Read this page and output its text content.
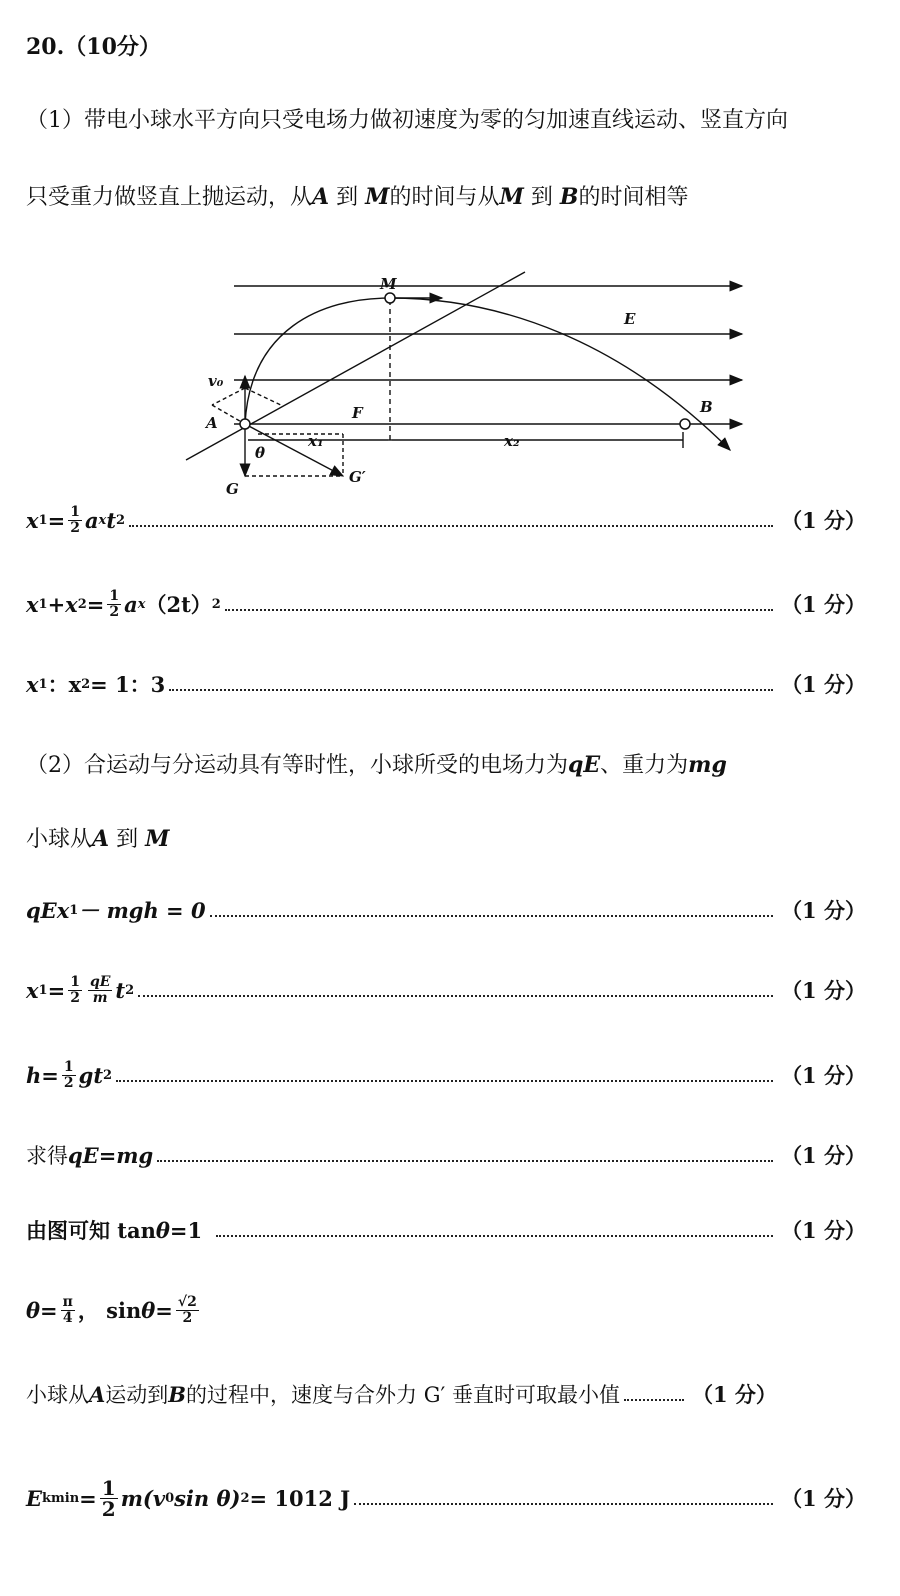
20.（10分）
（1）带电小球水平方向只受电场力做初速度为零的匀加速直线运动、竖直方向
只受重力做竖直上抛运动，从A 到 M的时间与从M 到 B的时间相等
M
E
v₀
A
F	B
x₁	x₂
θ
G
G′
x $1 = \frac{1}{2}$ a x t 2	（1 分）
x 1 +x $2 = \frac{1}{2}$ a x （2t） 2	（1 分）
x 1 ：x 2 = 1：3	（1 分）
（2）合运动与分运动具有等时性，小球所受的电场力为qE、重力为mg
小球从A 到 M
qEx 1 － mgh = 0	（1 分）
x $1 = \frac{1}{2} \frac{qE}{m}$ t 2	（1 分）
$h = \frac{1}{2}$ g t 2	（1 分）
求得 qE=mg	（1 分）
由图可知 tan θ =1	（1 分）
$\theta = \frac{\pi}{4}$ ， $\sin \theta = \frac{√2}{2}$
小球从 A 运动到 B 的过程中，速度与合外力 G′ 垂直时可取最小值	（1 分）
E $kmin = \frac{1}{2} m(v$ 0 sin θ) 2 = 1012 J	（1 分）
